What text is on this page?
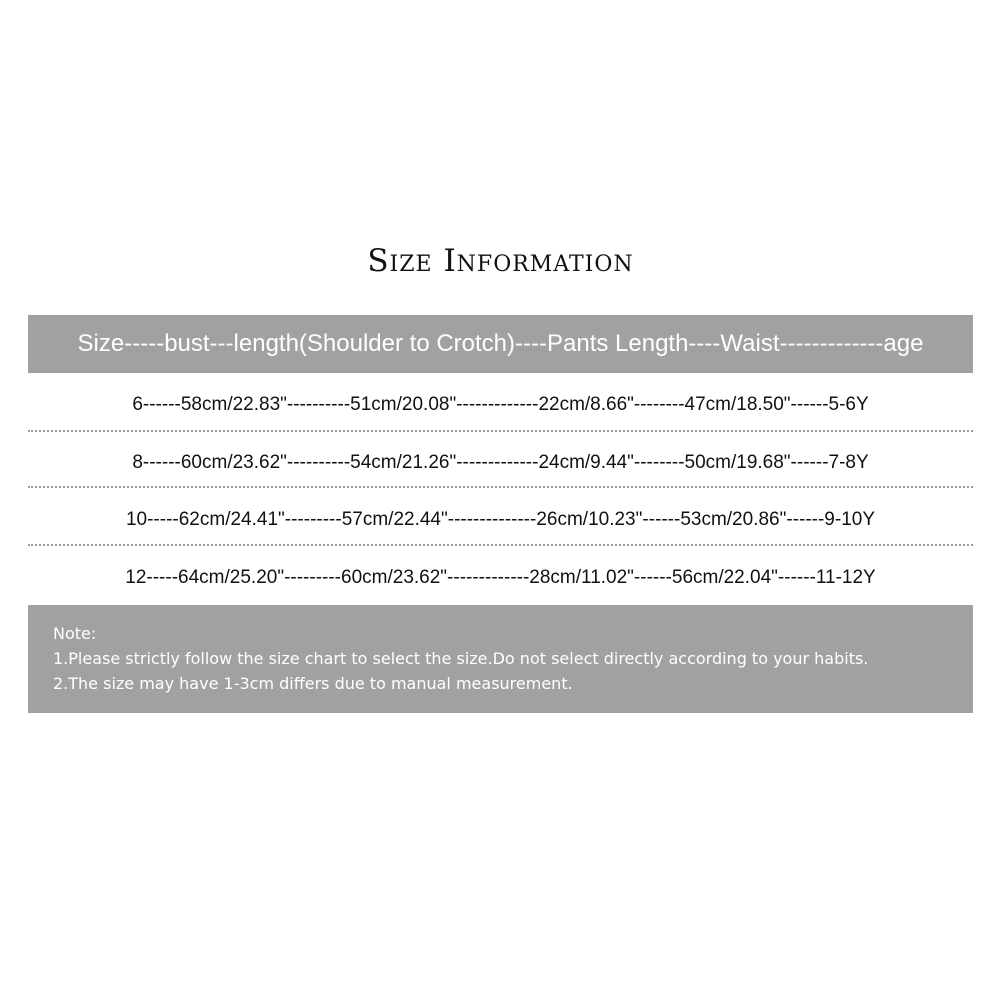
Size Information
Size-----bust---length(Shoulder to Crotch)----Pants Length----Waist-------------age
6------58cm/22.83"----------51cm/20.08"-------------22cm/8.66"--------47cm/18.50"------5-6Y
8------60cm/23.62"----------54cm/21.26"-------------24cm/9.44"--------50cm/19.68"------7-8Y
10-----62cm/24.41"---------57cm/22.44"--------------26cm/10.23"------53cm/20.86"------9-10Y
12-----64cm/25.20"---------60cm/23.62"-------------28cm/11.02"------56cm/22.04"------11-12Y
Note:
1.Please strictly follow the size chart to select the size.Do not select directly according to your habits.
2.The size may have 1-3cm differs due to manual measurement.
